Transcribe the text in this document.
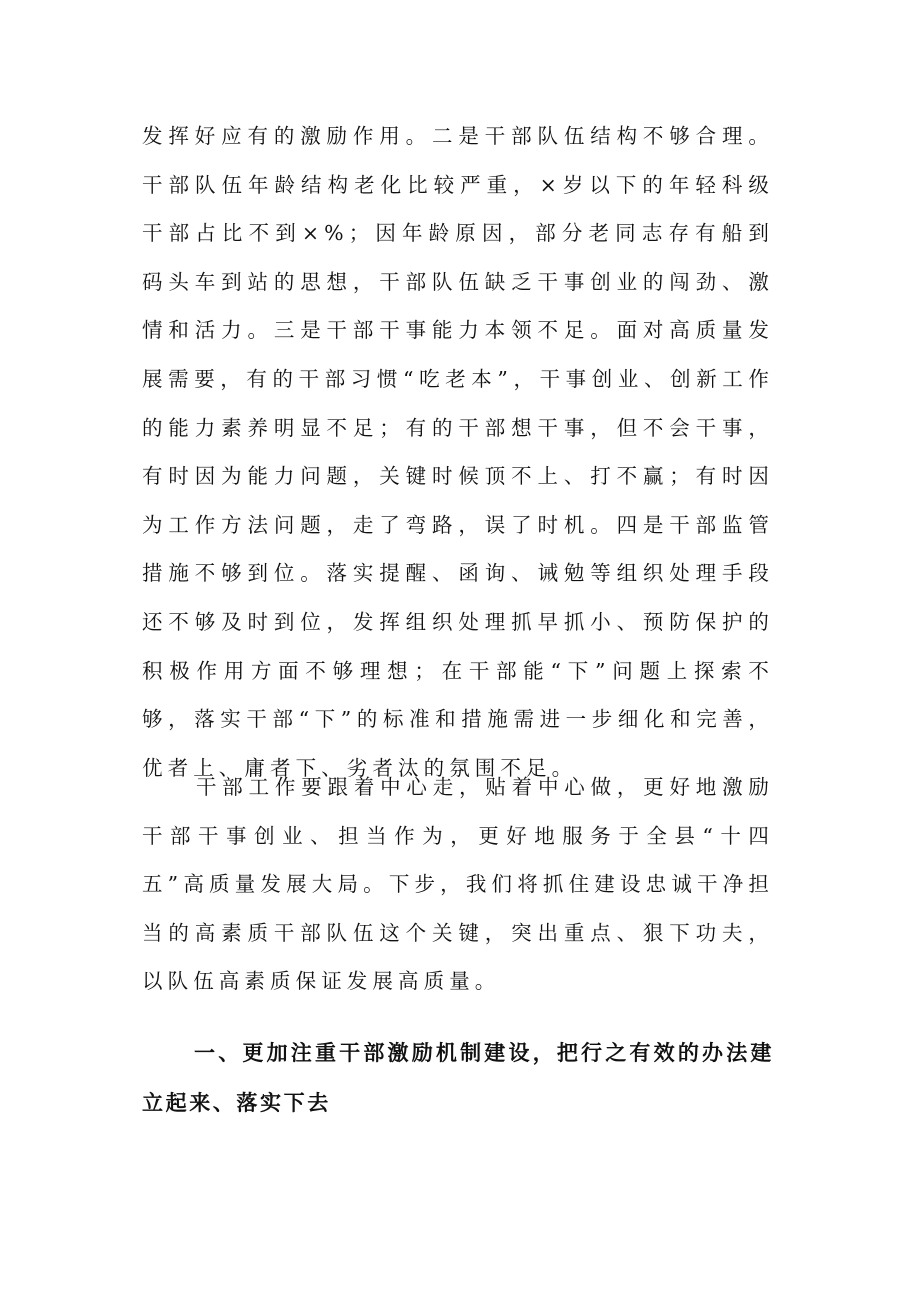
发挥好应有的激励作用。二是干部队伍结构不够合理。干部队伍年龄结构老化比较严重，×岁以下的年轻科级干部占比不到×%；因年龄原因，部分老同志存有船到码头车到站的思想，干部队伍缺乏干事创业的闯劲、激情和活力。三是干部干事能力本领不足。面对高质量发展需要，有的干部习惯“吃老本”，干事创业、创新工作的能力素养明显不足；有的干部想干事，但不会干事，有时因为能力问题，关键时候顶不上、打不赢；有时因为工作方法问题，走了弯路，误了时机。四是干部监管措施不够到位。落实提醒、函询、诫勉等组织处理手段还不够及时到位，发挥组织处理抓早抓小、预防保护的积极作用方面不够理想；在干部能“下”问题上探索不够，落实干部“下”的标准和措施需进一步细化和完善，优者上、庸者下、劣者汰的氛围不足。

干部工作要跟着中心走，贴着中心做，更好地激励干部干事创业、担当作为，更好地服务于全县“十四五”高质量发展大局。下步，我们将抓住建设忠诚干净担当的高素质干部队伍这个关键，突出重点、狠下功夫，以队伍高素质保证发展高质量。

一、更加注重干部激励机制建设，把行之有效的办法建立起来、落实下去
